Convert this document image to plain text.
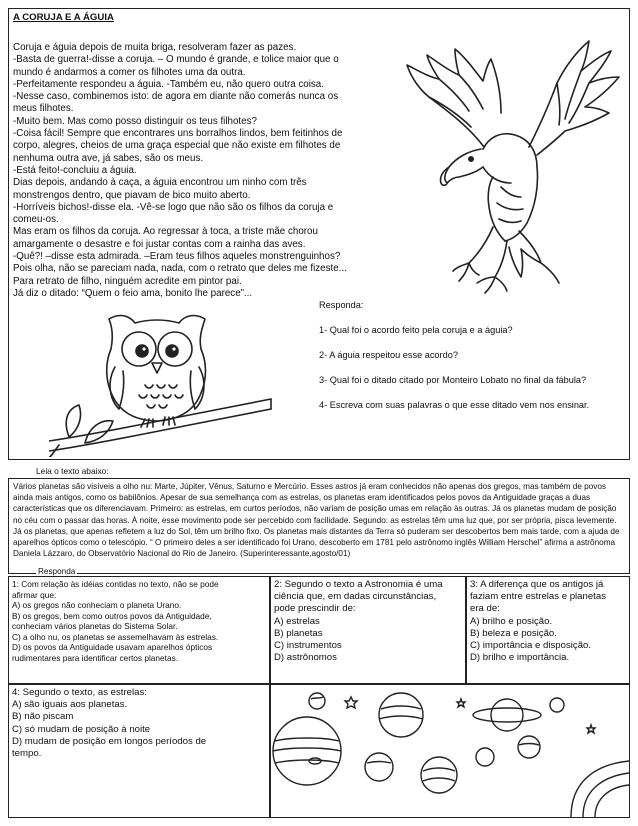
A CORUJA E A ÁGUIA
Coruja e águia depois de muita briga, resolveram fazer as pazes.
-Basta de guerra!-disse a coruja. – O mundo é grande, e tolice maior que o
mundo é andarmos a comer os filhotes uma da outra.
-Perfeitamente respondeu a águia. -Também eu, não quero outra coisa.
-Nesse caso, combinemos isto: de agora em diante não comerás nunca os
meus filhotes.
-Muito bem. Mas como posso distinguir os teus filhotes?
-Coisa fácil! Sempre que encontrares uns borralhos lindos, bem feitinhos de
corpo, alegres, cheios de uma graça especial que não existe em filhotes de
nenhuma outra ave, já sabes, são os meus.
-Está feito!-concluiu a águia.
Dias depois, andando à caça, a águia encontrou um ninho com três
monstrengos dentro, que piavam de bico muito aberto.
-Horríveis bichos!-disse ela. -Vê-se logo que não são os filhos da coruja e
comeu-os.
Mas eram os filhos da coruja. Ao regressar à toca, a triste mãe chorou
amargamente o desastre e foi justar contas com a rainha das aves.
-Quê?! –disse esta admirada. –Eram teus filhos aqueles monstrenguinhos?
Pois olha, não se pareciam nada, nada, com o retrato que deles me fizeste...
Para retrato de filho, ninguém acredite em pintor pai.
Já diz o ditado: “Quem o feio ama, bonito lhe parece”...

Responda:

1- Qual foi o acordo feito pela coruja e a águia?

2- A águia respeitou esse acordo?

3- Qual foi o ditado citado por Monteiro Lobato no final da fábula?

4- Escreva com suas palavras o que esse ditado vem nos ensinar.

Leia o texto abaixo:
Vários planetas são visíveis a olho nu: Marte, Júpiter, Vênus, Saturno e Mercúrio. Esses astros já eram conhecidos não apenas dos gregos, mas também de povos ainda mais antigos, como os babilônios. Apesar de sua semelhança com as estrelas, os planetas eram identificados pelos povos da Antiguidade graças a duas características que os diferenciavam. Primeiro: as estrelas, em curtos períodos, não variam de posição umas em relação às outras. Já os planetas mudam de posição no céu com o passar das horas. À noite, esse movimento pode ser percebido com facilidade. Segundo: as estrelas têm uma luz que, por ser própria, pisca levemente. Já os planetas, que apenas refletem a luz do Sol, têm um brilho fixo. Os planetas mais distantes da Terra só puderam ser descobertos bem mais tarde, com a ajuda de aparelhos ópticos como o telescópio. “ O primeiro deles a ser identificado foi Urano, descoberto em 1781 pelo astrônomo inglês William Herschel” afirma a astrônoma Daniela Lázzaro, do Observatório Nacional do Rio de Janeiro. (Superinteressante,agosto/01)
Responda
1: Com relação às idéias contidas no texto, não se pode
afirmar que:
A) os gregos não conheciam o planeta Urano.
B) os gregos, bem como outros povos da Antiguidade,
conheciam vários planetas do Sistema Solar.
C) a olho nu, os planetas se assemelhavam às estrelas.
D) os povos da Antiguidade usavam aparelhos ópticos
rudimentares para identificar certos planetas.
2: Segundo o texto a Astronomia é uma
ciência que, em dadas circunstâncias,
pode prescindir de:
A) estrelas
B) planetas
C) instrumentos
D) astrônomos
3: A diferença que os antigos já
faziam entre estrelas e planetas
era de:
A) brilho e posição.
B) beleza e posição.
C) importância e disposição.
D) brilho e importância.
4: Segundo o texto, as estrelas:
A) são iguais aos planetas.
B) não piscam
C) só mudam de posição à noite
D) mudam de posição em longos períodos de
tempo.
